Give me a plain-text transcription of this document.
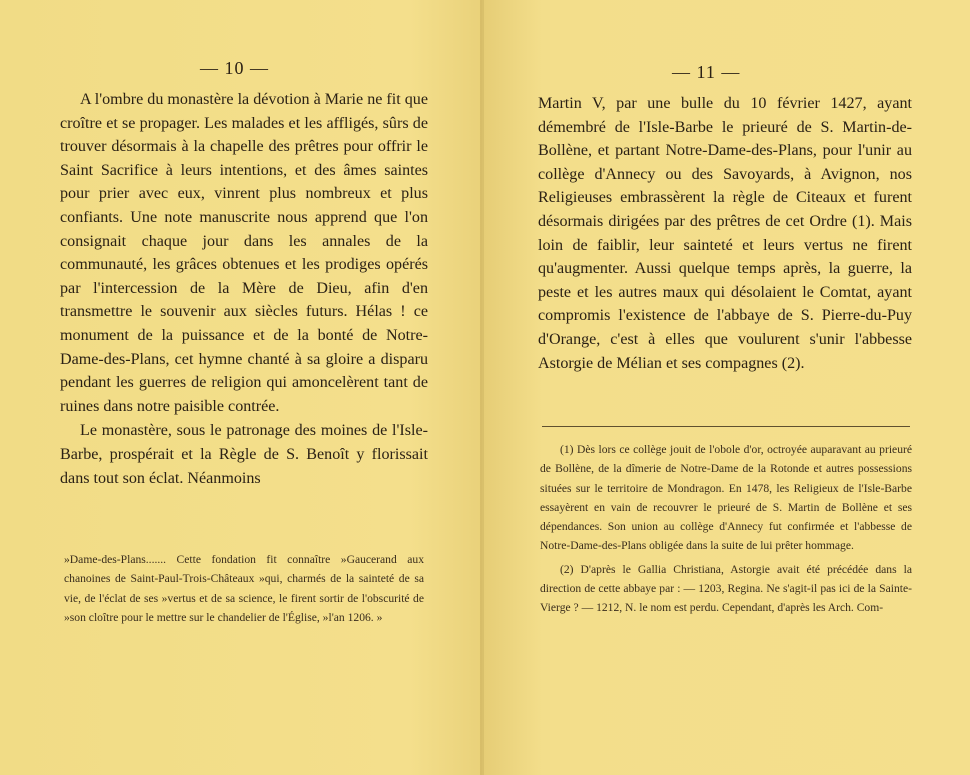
— 10 —

A l'ombre du monastère la dévotion à Marie ne fit que croître et se propager. Les malades et les affligés, sûrs de trouver désormais à la chapelle des prêtres pour offrir le Saint Sacrifice à leurs intentions, et des âmes saintes pour prier avec eux, vinrent plus nombreux et plus confiants. Une note manuscrite nous apprend que l'on consignait chaque jour dans les annales de la communauté, les grâces obtenues et les prodiges opérés par l'intercession de la Mère de Dieu, afin d'en transmettre le souvenir aux siècles futurs. Hélas ! ce monument de la puissance et de la bonté de Notre-Dame-des-Plans, cet hymne chanté à sa gloire a disparu pendant les guerres de religion qui amoncelèrent tant de ruines dans notre paisible contrée.

Le monastère, sous le patronage des moines de l'Isle-Barbe, prospérait et la Règle de S. Benoît y florissait dans tout son éclat. Néanmoins

»Dame-des-Plans....... Cette fondation fit connaître »Gaucerand aux chanoines de Saint-Paul-Trois-Châteaux »qui, charmés de la sainteté de sa vie, de l'éclat de ses »vertus et de sa science, le firent sortir de l'obscurité de »son cloître pour le mettre sur le chandelier de l'Église, »l'an 1206. »
— 11 —

Martin V, par une bulle du 10 février 1427, ayant démembré de l'Isle-Barbe le prieuré de S. Martin-de-Bollène, et partant Notre-Dame-des-Plans, pour l'unir au collège d'Annecy ou des Savoyards, à Avignon, nos Religieuses embrassèrent la règle de Citeaux et furent désormais dirigées par des prêtres de cet Ordre (1). Mais loin de faiblir, leur sainteté et leurs vertus ne firent qu'augmenter. Aussi quelque temps après, la guerre, la peste et les autres maux qui désolaient le Comtat, ayant compromis l'existence de l'abbaye de S. Pierre-du-Puy d'Orange, c'est à elles que voulurent s'unir l'abbesse Astorgie de Mélian et ses compagnes (2).

(1) Dès lors ce collège jouit de l'obole d'or, octroyée auparavant au prieuré de Bollène, de la dîmerie de Notre-Dame de la Rotonde et autres possessions situées sur le territoire de Mondragon. En 1478, les Religieux de l'Isle-Barbe essayèrent en vain de recouvrer le prieuré de S. Martin de Bollène et ses dépendances. Son union au collège d'Annecy fut confirmée et l'abbesse de Notre-Dame-des-Plans obligée dans la suite de lui prêter hommage.
(2) D'après le Gallia Christiana, Astorgie avait été précédée dans la direction de cette abbaye par : — 1203, Regina. Ne s'agit-il pas ici de la Sainte-Vierge ? — 1212, N. le nom est perdu. Cependant, d'après les Arch. Com-
